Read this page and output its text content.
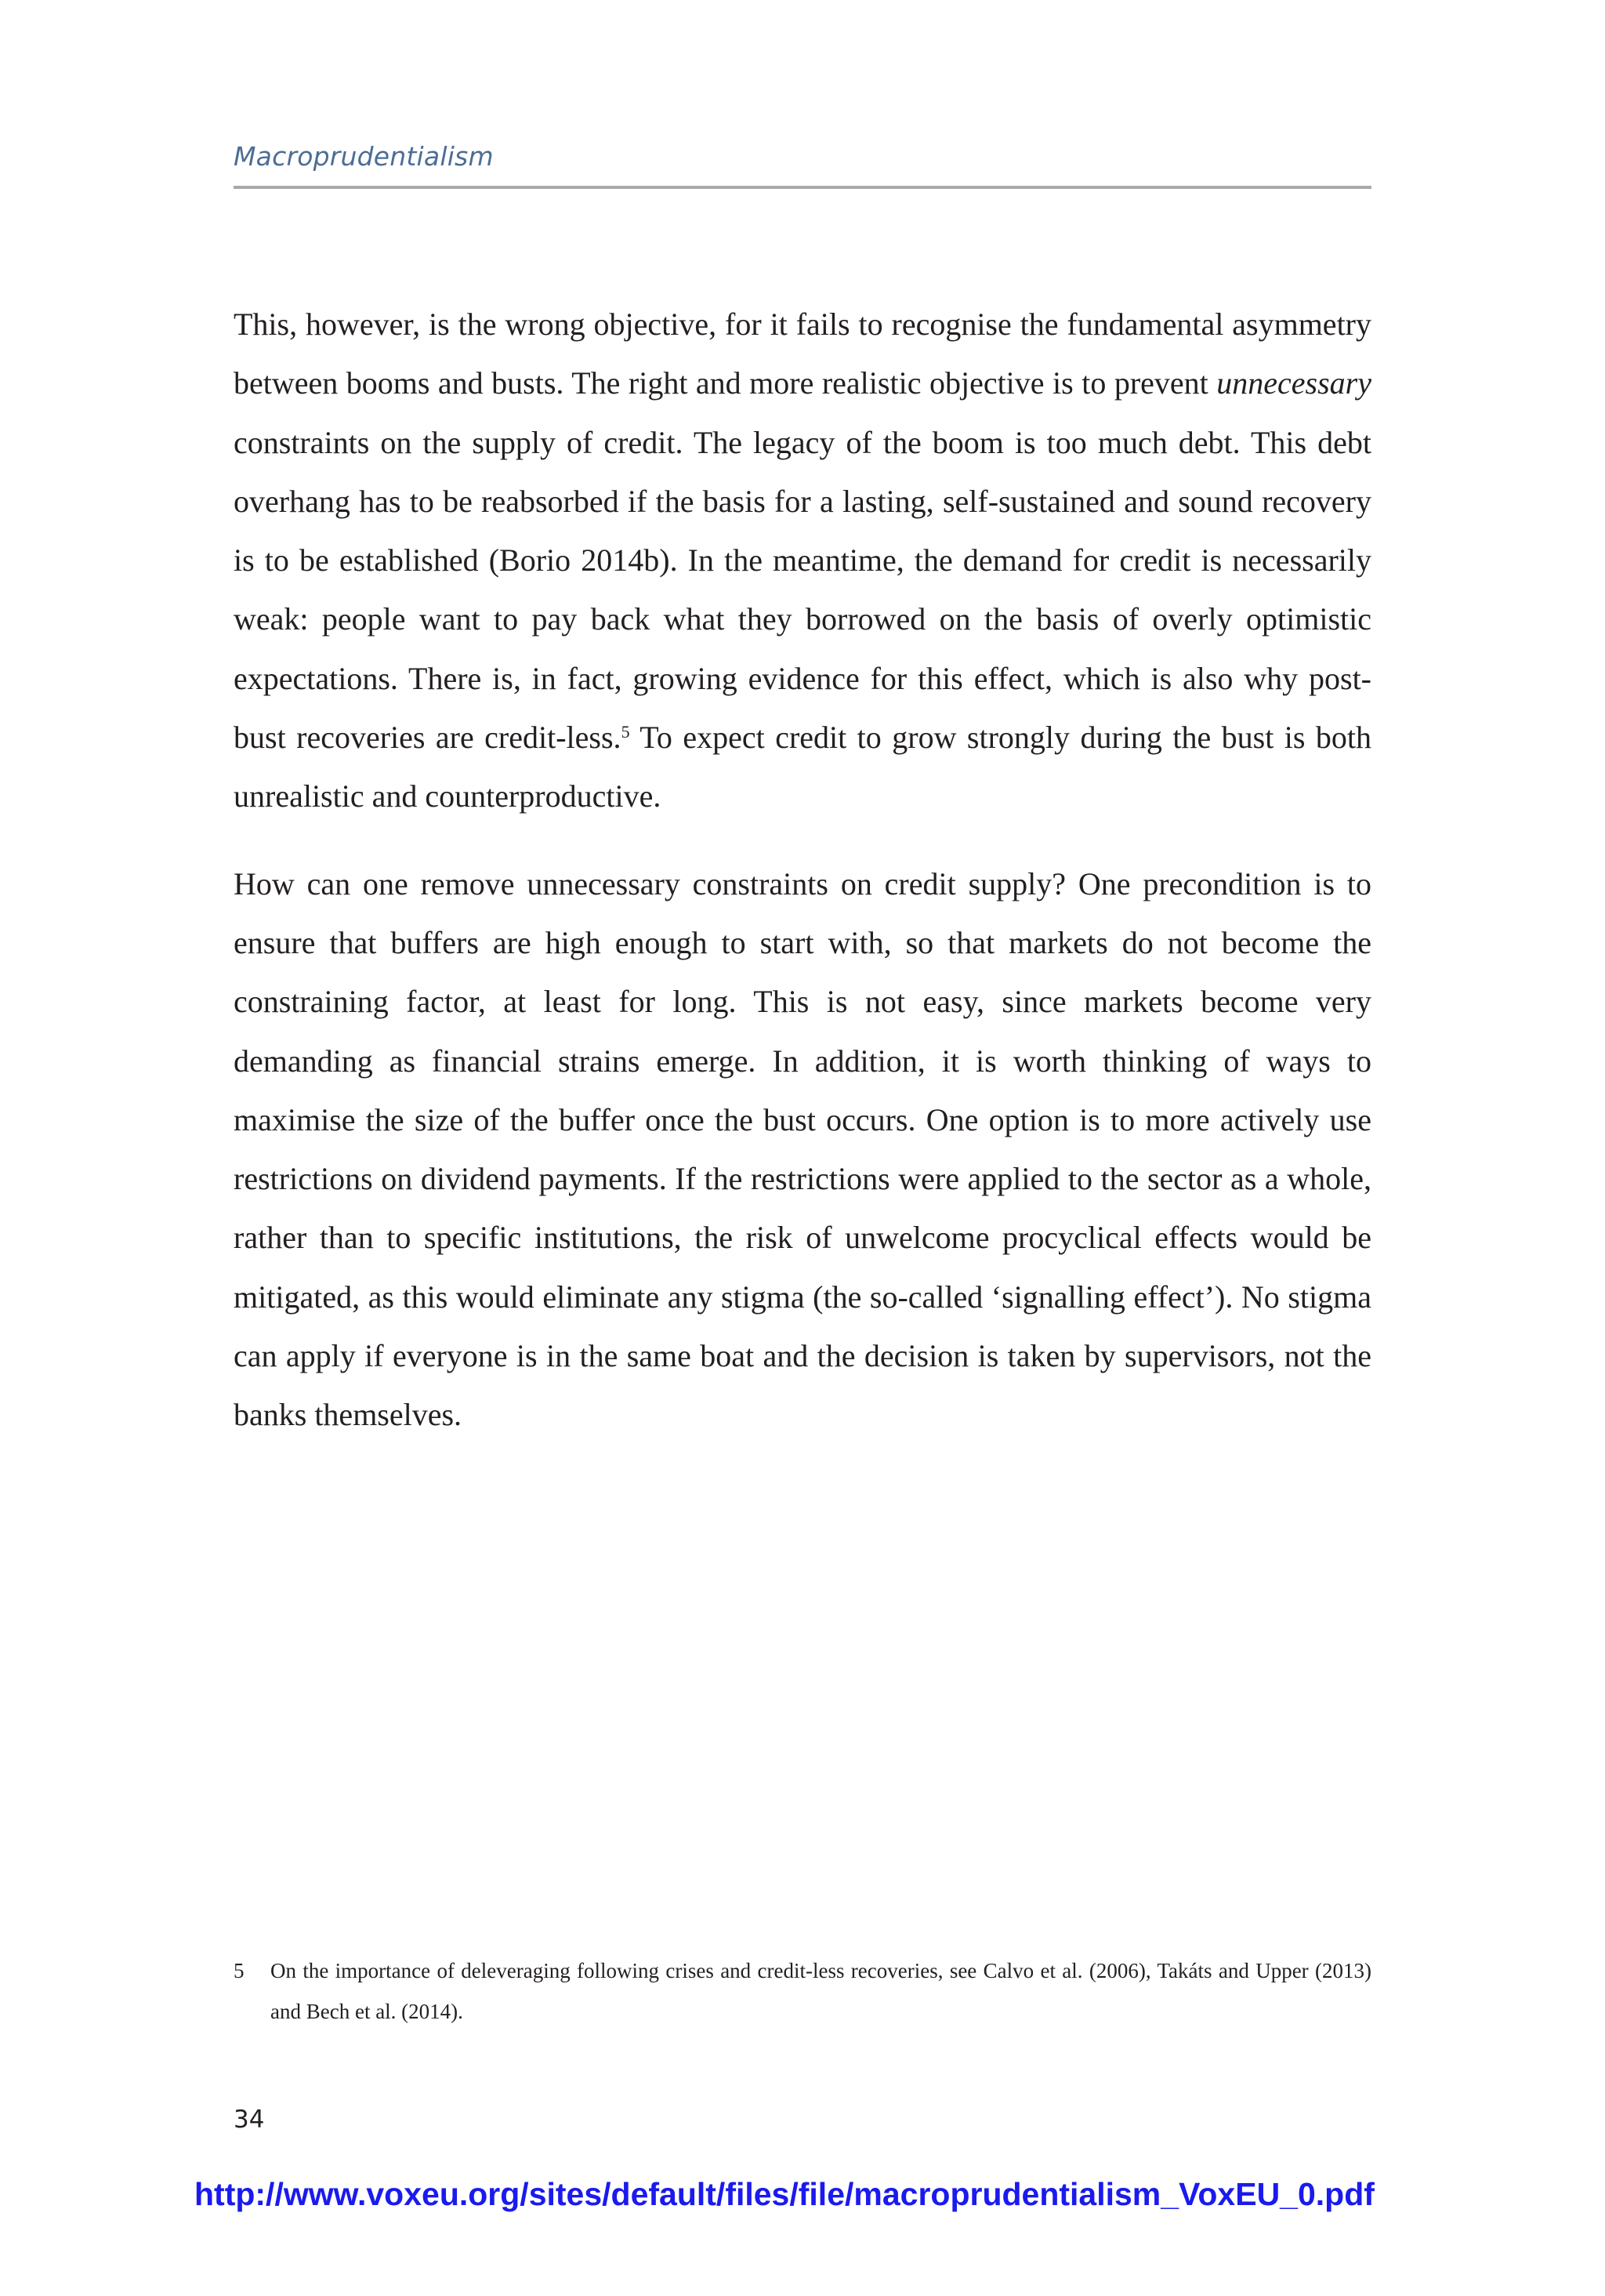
Macroprudentialism

This, however, is the wrong objective, for it fails to recognise the fundamental asymmetry between booms and busts. The right and more realistic objective is to prevent unnecessary constraints on the supply of credit. The legacy of the boom is too much debt. This debt overhang has to be reabsorbed if the basis for a lasting, self-sustained and sound recovery is to be established (Borio 2014b). In the meantime, the demand for credit is necessarily weak: people want to pay back what they borrowed on the basis of overly optimistic expectations. There is, in fact, growing evidence for this effect, which is also why post-bust recoveries are credit-less.$^5$ To expect credit to grow strongly during the bust is both unrealistic and counterproductive.

How can one remove unnecessary constraints on credit supply? One precondition is to ensure that buffers are high enough to start with, so that markets do not become the constraining factor, at least for long. This is not easy, since markets become very demanding as financial strains emerge. In addition, it is worth thinking of ways to maximise the size of the buffer once the bust occurs. One option is to more actively use restrictions on dividend payments. If the restrictions were applied to the sector as a whole, rather than to specific institutions, the risk of unwelcome procyclical effects would be mitigated, as this would eliminate any stigma (the so-called ‘signalling effect’). No stigma can apply if everyone is in the same boat and the decision is taken by supervisors, not the banks themselves.

5	On the importance of deleveraging following crises and credit-less recoveries, see Calvo et al. (2006), Takáts and Upper (2013) and Bech et al. (2014).
34
http://www.voxeu.org/sites/default/files/file/macroprudentialism_VoxEU_0.pdf
